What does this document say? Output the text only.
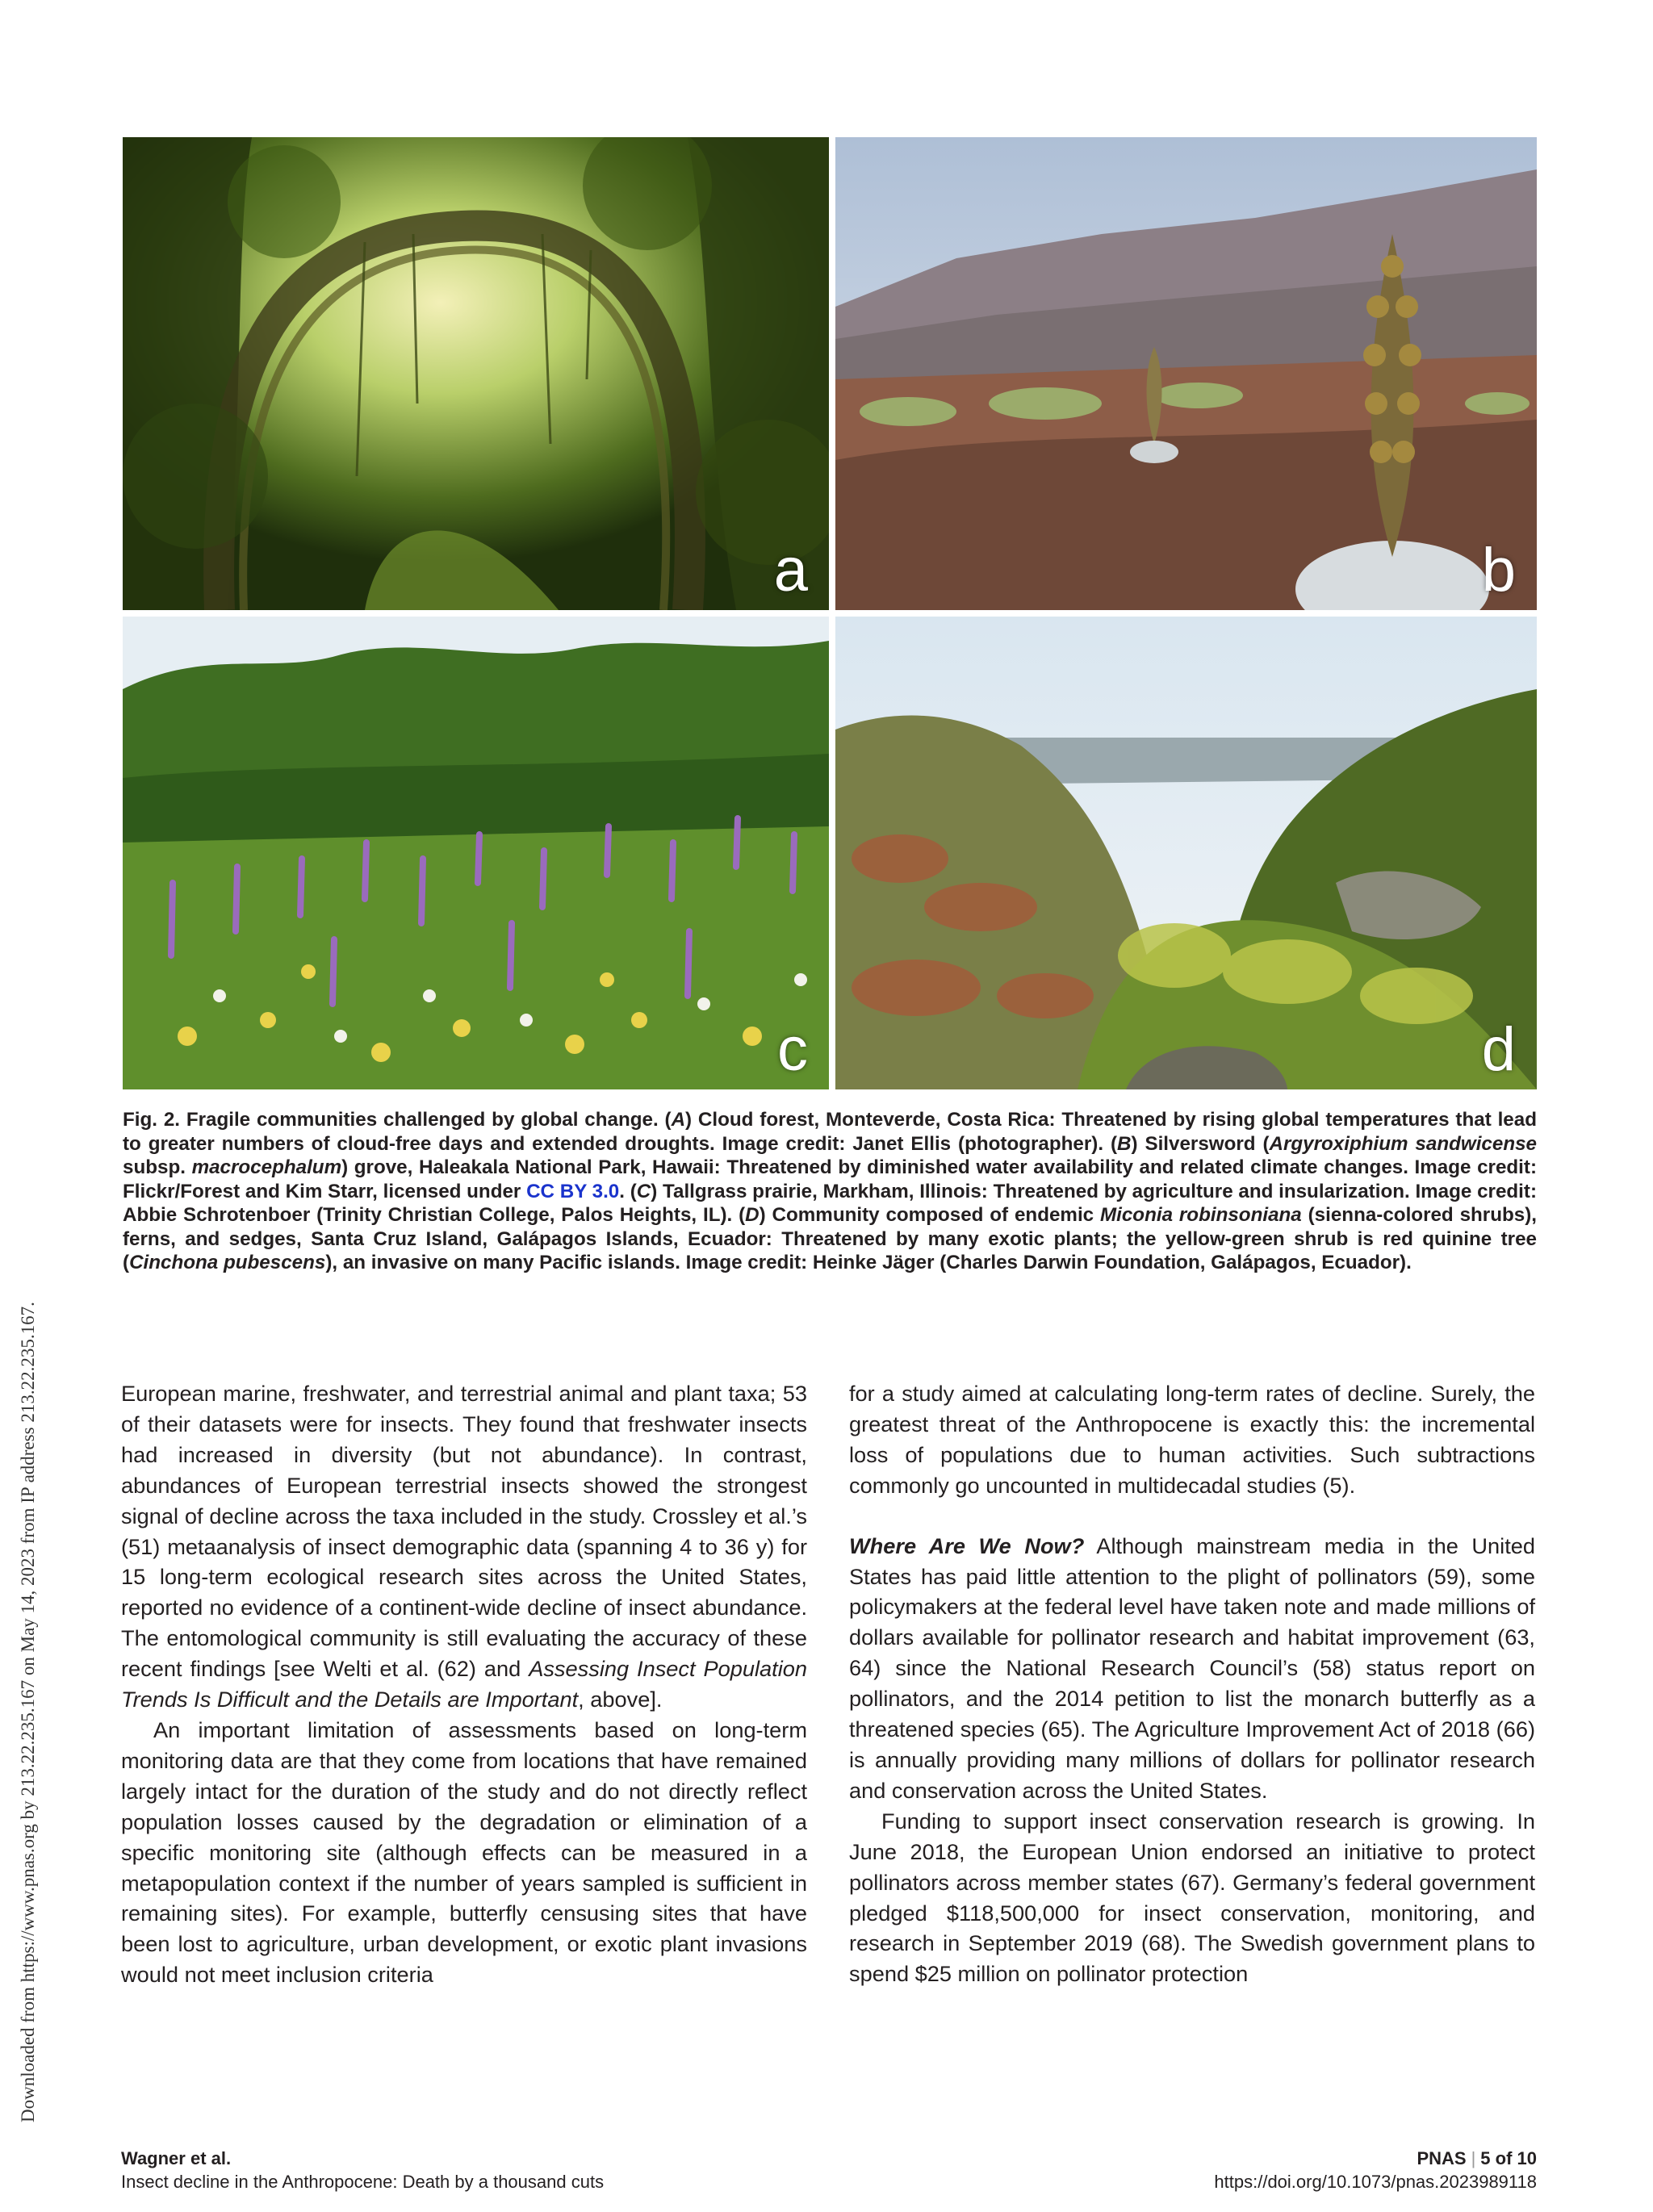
Downloaded from https://www.pnas.org by 213.22.235.167 on May 14, 2023 from IP address 213.22.235.167.
a	b
c	d
Fig. 2. Fragile communities challenged by global change. (A) Cloud forest, Monteverde, Costa Rica: Threatened by rising global temperatures that lead to greater numbers of cloud-free days and extended droughts. Image credit: Janet Ellis (photographer). (B) Silversword (Argyroxiphium sandwicense subsp. macrocephalum) grove, Haleakala National Park, Hawaii: Threatened by diminished water availability and related climate changes. Image credit: Flickr/Forest and Kim Starr, licensed under CC BY 3.0. (C) Tallgrass prairie, Markham, Illinois: Threatened by agriculture and insularization. Image credit: Abbie Schrotenboer (Trinity Christian College, Palos Heights, IL). (D) Community composed of endemic Miconia robinsoniana (sienna-colored shrubs), ferns, and sedges, Santa Cruz Island, Galápagos Islands, Ecuador: Threatened by many exotic plants; the yellow-green shrub is red quinine tree (Cinchona pubescens), an invasive on many Pacific islands. Image credit: Heinke Jäger (Charles Darwin Foundation, Galápagos, Ecuador).

European marine, freshwater, and terrestrial animal and plant taxa; 53 of their datasets were for insects. They found that freshwater insects had increased in diversity (but not abundance). In contrast, abundances of European terrestrial insects showed the strongest signal of decline across the taxa included in the study. Crossley et al.’s (51) metaanalysis of insect demographic data (spanning 4 to 36 y) for 15 long-term ecological research sites across the United States, reported no evidence of a continent-wide decline of insect abundance. The entomological community is still evaluating the accuracy of these recent findings [see Welti et al. (62) and Assessing Insect Population Trends Is Difficult and the Details are Important, above].

An important limitation of assessments based on long-term monitoring data are that they come from locations that have remained largely intact for the duration of the study and do not directly reflect population losses caused by the degradation or elimination of a specific monitoring site (although effects can be measured in a metapopulation context if the number of years sampled is sufficient in remaining sites). For example, butterfly censusing sites that have been lost to agriculture, urban development, or exotic plant invasions would not meet inclusion criteria

for a study aimed at calculating long-term rates of decline. Surely, the greatest threat of the Anthropocene is exactly this: the incremental loss of populations due to human activities. Such subtractions commonly go uncounted in multidecadal studies (5).

Where Are We Now? Although mainstream media in the United States has paid little attention to the plight of pollinators (59), some policymakers at the federal level have taken note and made millions of dollars available for pollinator research and habitat improvement (63, 64) since the National Research Council’s (58) status report on pollinators, and the 2014 petition to list the monarch butterfly as a threatened species (65). The Agriculture Improvement Act of 2018 (66) is annually providing many millions of dollars for pollinator research and conservation across the United States.

Funding to support insect conservation research is growing. In June 2018, the European Union endorsed an initiative to protect pollinators across member states (67). Germany’s federal government pledged $118,500,000 for insect conservation, monitoring, and research in September 2019 (68). The Swedish government plans to spend $25 million on pollinator protection

Wagner et al.
Insect decline in the Anthropocene: Death by a thousand cuts
PNAS | 5 of 10
https://doi.org/10.1073/pnas.2023989118
